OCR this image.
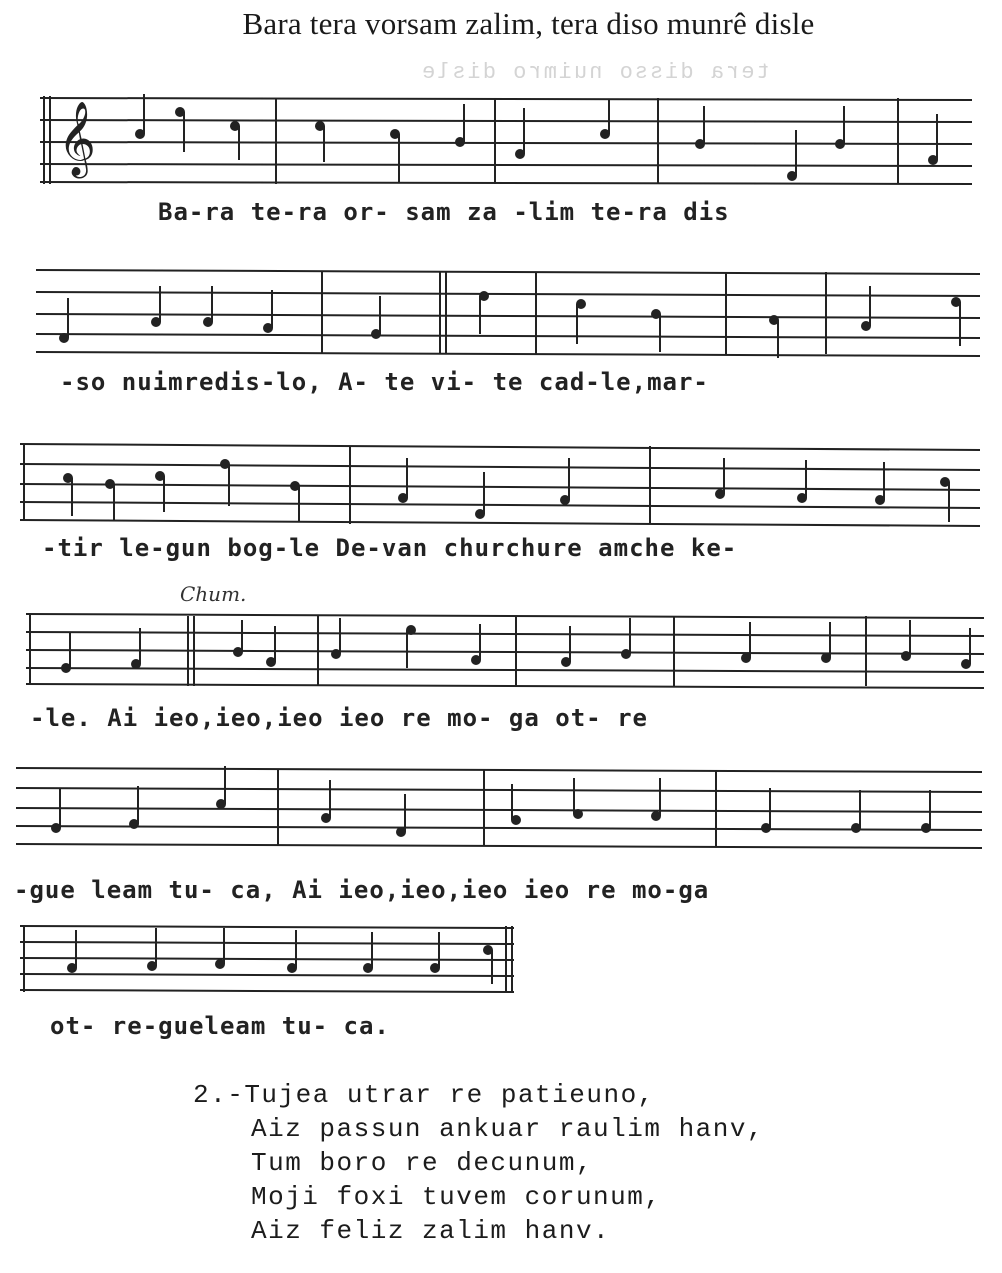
Bara tera vorsam zalim, tera diso munrê disle
tera disso nuimro disle
𝄞
Ba-ra te-ra or- sam za -lim te-ra dis
-so nuimredis-lo, A- te vi- te cad-le,mar-
-tir le-gun bog-le De-van churchure amche ke-
Chum.
-le. Ai ieo,ieo,ieo ieo re mo- ga ot- re
-gue leam tu- ca, Ai ieo,ieo,ieo ieo re mo-ga
ot- re-gueleam tu- ca.
2.-Tujea utrar re patieuno,
Aiz passun ankuar raulim hanv,
Tum boro re decunum,
Moji foxi tuvem corunum,
Aiz feliz zalim hanv.
